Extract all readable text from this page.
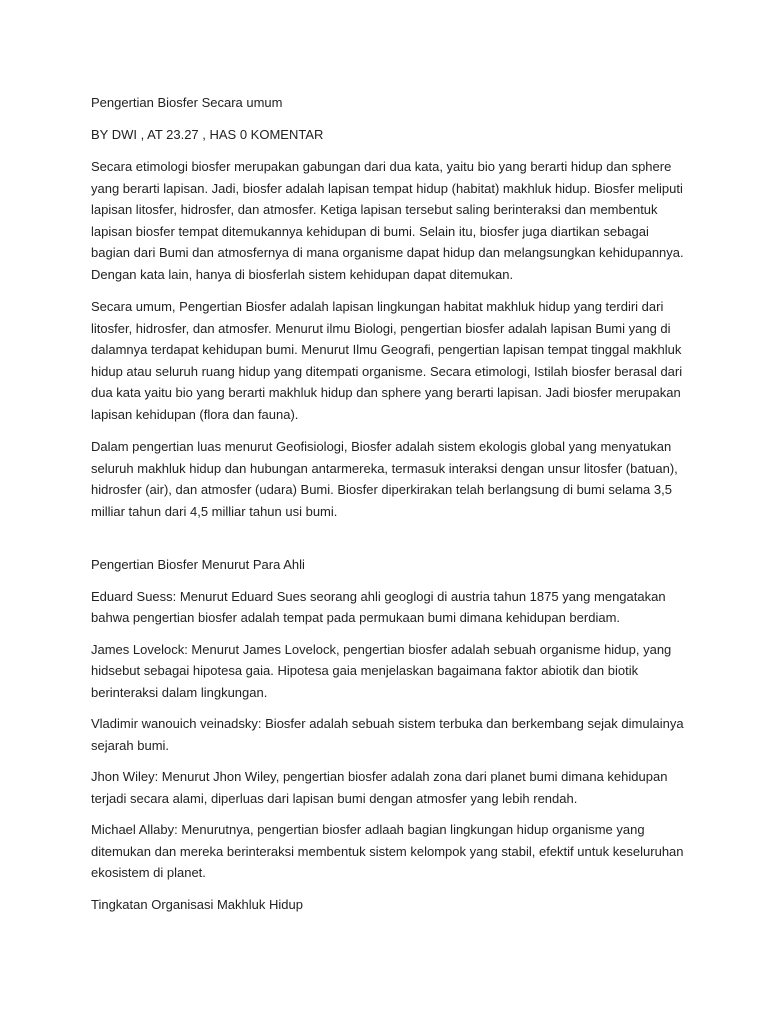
Pengertian Biosfer Secara umum

BY DWI , AT 23.27 , HAS 0 KOMENTAR

Secara etimologi biosfer merupakan gabungan dari dua kata, yaitu bio yang berarti hidup dan sphere yang berarti lapisan. Jadi, biosfer adalah lapisan tempat hidup (habitat) makhluk hidup. Biosfer meliputi lapisan litosfer, hidrosfer, dan atmosfer. Ketiga lapisan tersebut saling berinteraksi dan membentuk lapisan biosfer tempat ditemukannya kehidupan di bumi. Selain itu, biosfer juga diartikan sebagai bagian dari Bumi dan atmosfernya di mana organisme dapat hidup dan melangsungkan kehidupannya. Dengan kata lain, hanya di biosferlah sistem kehidupan dapat ditemukan.

Secara umum, Pengertian Biosfer adalah lapisan lingkungan habitat makhluk hidup yang terdiri dari litosfer, hidrosfer, dan atmosfer. Menurut ilmu Biologi, pengertian biosfer adalah lapisan Bumi yang di dalamnya terdapat kehidupan bumi. Menurut Ilmu Geografi, pengertian lapisan tempat tinggal makhluk hidup atau seluruh ruang hidup yang ditempati organisme. Secara etimologi, Istilah biosfer berasal dari dua kata yaitu bio yang berarti makhluk hidup dan sphere yang berarti lapisan. Jadi biosfer merupakan lapisan kehidupan (flora dan fauna).

Dalam pengertian luas menurut Geofisiologi, Biosfer adalah sistem ekologis global yang menyatukan seluruh makhluk hidup dan hubungan antarmereka, termasuk interaksi dengan unsur litosfer (batuan), hidrosfer (air), dan atmosfer (udara) Bumi. Biosfer diperkirakan telah berlangsung di bumi selama 3,5 milliar tahun dari 4,5 milliar tahun usi bumi.

Pengertian Biosfer Menurut Para Ahli

Eduard Suess: Menurut Eduard Sues seorang ahli geoglogi di austria tahun 1875 yang mengatakan bahwa pengertian biosfer adalah tempat pada permukaan bumi dimana kehidupan berdiam.

James Lovelock: Menurut James Lovelock, pengertian biosfer adalah sebuah organisme hidup, yang hidsebut sebagai hipotesa gaia. Hipotesa gaia menjelaskan bagaimana faktor abiotik dan biotik berinteraksi dalam lingkungan.

Vladimir wanouich veinadsky: Biosfer adalah sebuah sistem terbuka dan berkembang sejak dimulainya sejarah bumi.

Jhon Wiley: Menurut Jhon Wiley, pengertian biosfer adalah zona dari planet bumi dimana kehidupan terjadi secara alami, diperluas dari lapisan bumi dengan atmosfer yang lebih rendah.

Michael Allaby: Menurutnya, pengertian biosfer adlaah bagian lingkungan hidup organisme yang ditemukan dan mereka berinteraksi membentuk sistem kelompok yang stabil, efektif untuk keseluruhan ekosistem di planet.

Tingkatan Organisasi Makhluk Hidup
